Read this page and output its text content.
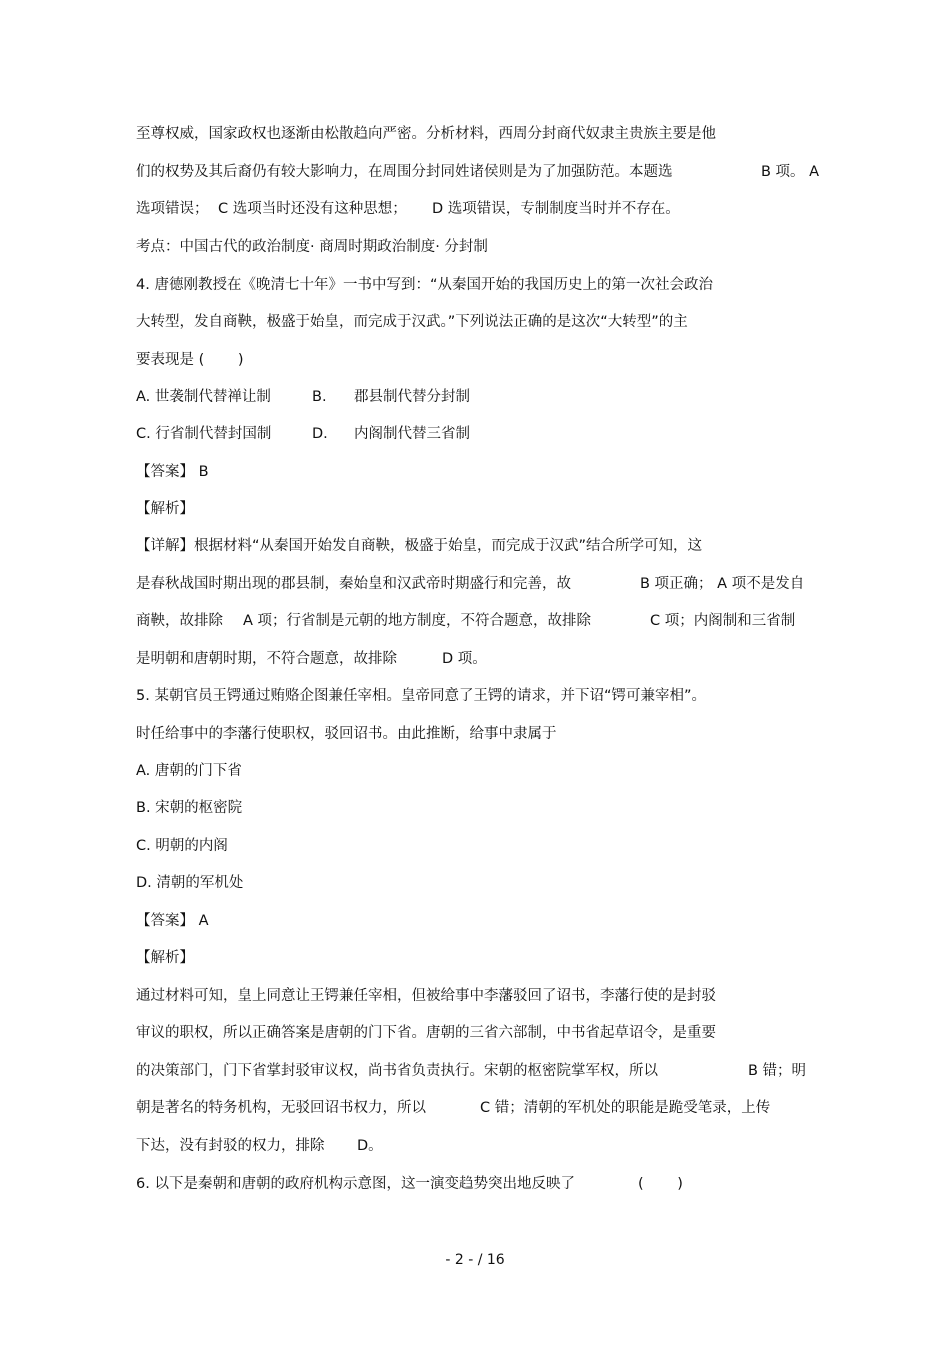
至尊权威，国家政权也逐渐由松散趋向严密。分析材料，西周分封商代奴隶主贵族主要是他
们的权势及其后裔仍有较大影响力，在周围分封同姓诸侯则是为了加强防范。本题选	B 项。 A
选项错误； C 选项当时还没有这种思想； D 选项错误，专制制度当时并不存在。
考点：中国古代的政治制度· 商周时期政治制度· 分封制
4. 唐德刚教授在《晚清七十年》一书中写到：“从秦国开始的我国历史上的第一次社会政治
大转型，发自商鞅，极盛于始皇，而完成于汉武。”下列说法正确的是这次“大转型”的主
要表现是 (　　 )
A. 世袭制代替禅让制	B. 郡县制代替分封制
C. 行省制代替封国制	D. 内阁制代替三省制
【答案】 B
【解析】
【详解】根据材料“从秦国开始发自商鞅，极盛于始皇，而完成于汉武”结合所学可知，这
是春秋战国时期出现的郡县制，秦始皇和汉武帝时期盛行和完善，故	B 项正确； A 项不是发自
商鞅，故排除 A 项；行省制是元朝的地方制度，不符合题意，故排除	C 项；内阁制和三省制
是明朝和唐朝时期，不符合题意，故排除	D 项。
5. 某朝官员王锷通过贿赂企图兼任宰相。皇帝同意了王锷的请求，并下诏“锷可兼宰相”。
时任给事中的李藩行使职权，驳回诏书。由此推断，给事中隶属于
A. 唐朝的门下省
B. 宋朝的枢密院
C. 明朝的内阁
D. 清朝的军机处
【答案】 A
【解析】
通过材料可知，皇上同意让王锷兼任宰相，但被给事中李藩驳回了诏书，李藩行使的是封驳
审议的职权，所以正确答案是唐朝的门下省。唐朝的三省六部制，中书省起草诏令，是重要
的决策部门，门下省掌封驳审议权，尚书省负责执行。宋朝的枢密院掌军权，所以	B 错；明
朝是著名的特务机构，无驳回诏书权力，所以	C 错；清朝的军机处的职能是跪受笔录，上传
下达，没有封驳的权力，排除 D。
6. 以下是秦朝和唐朝的政府机构示意图，这一演变趋势突出地反映了	(　　 )
- 2 - / 16
